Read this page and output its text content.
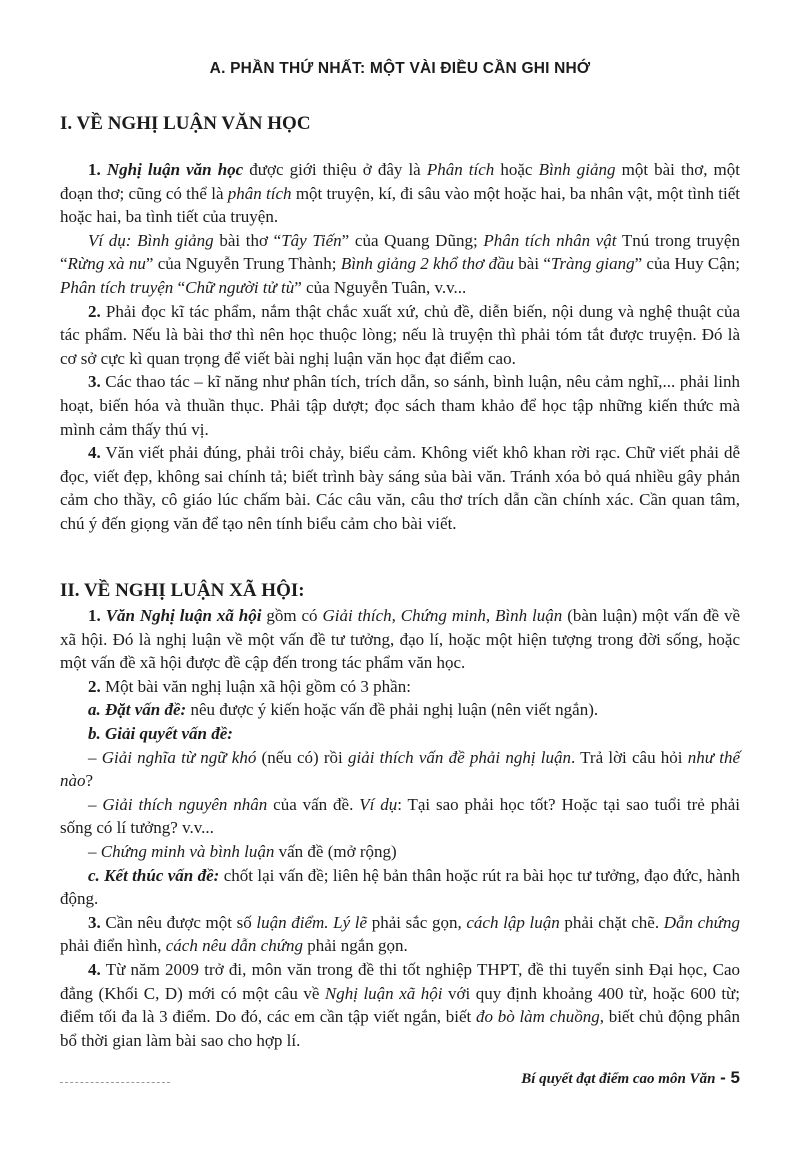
A. PHẦN THỨ NHẤT: MỘT VÀI ĐIỀU CẦN GHI NHỚ
I. VỀ NGHỊ LUẬN VĂN HỌC

1. Nghị luận văn học được giới thiệu ở đây là Phân tích hoặc Bình giảng một bài thơ, một đoạn thơ; cũng có thể là phân tích một truyện, kí, đi sâu vào một hoặc hai, ba nhân vật, một tình tiết hoặc hai, ba tình tiết của truyện.

Ví dụ: Bình giảng bài thơ “Tây Tiến” của Quang Dũng; Phân tích nhân vật Tnú trong truyện “Rừng xà nu” của Nguyễn Trung Thành; Bình giảng 2 khổ thơ đầu bài “Tràng giang” của Huy Cận; Phân tích truyện “Chữ người tử tù” của Nguyễn Tuân, v.v...

2. Phải đọc kĩ tác phẩm, nắm thật chắc xuất xứ, chủ đề, diễn biến, nội dung và nghệ thuật của tác phẩm. Nếu là bài thơ thì nên học thuộc lòng; nếu là truyện thì phải tóm tắt được truyện. Đó là cơ sở cực kì quan trọng để viết bài nghị luận văn học đạt điểm cao.

3. Các thao tác – kĩ năng như phân tích, trích dẫn, so sánh, bình luận, nêu cảm nghĩ,... phải linh hoạt, biến hóa và thuần thục. Phải tập dượt; đọc sách tham khảo để học tập những kiến thức mà mình cảm thấy thú vị.

4. Văn viết phải đúng, phải trôi chảy, biểu cảm. Không viết khô khan rời rạc. Chữ viết phải dễ đọc, viết đẹp, không sai chính tả; biết trình bày sáng sủa bài văn. Tránh xóa bỏ quá nhiều gây phản cảm cho thầy, cô giáo lúc chấm bài. Các câu văn, câu thơ trích dẫn cần chính xác. Cần quan tâm, chú ý đến giọng văn để tạo nên tính biểu cảm cho bài viết.

II. VỀ NGHỊ LUẬN XÃ HỘI:

1. Văn Nghị luận xã hội gồm có Giải thích, Chứng minh, Bình luận (bàn luận) một vấn đề về xã hội. Đó là nghị luận về một vấn đề tư tưởng, đạo lí, hoặc một hiện tượng trong đời sống, hoặc một vấn đề xã hội được đề cập đến trong tác phẩm văn học.

2. Một bài văn nghị luận xã hội gồm có 3 phần:

a. Đặt vấn đề: nêu được ý kiến hoặc vấn đề phải nghị luận (nên viết ngắn).

b. Giải quyết vấn đề:

– Giải nghĩa từ ngữ khó (nếu có) rồi giải thích vấn đề phải nghị luận. Trả lời câu hỏi như thế nào?

– Giải thích nguyên nhân của vấn đề. Ví dụ: Tại sao phải học tốt? Hoặc tại sao tuổi trẻ phải sống có lí tưởng? v.v...

– Chứng minh và bình luận vấn đề (mở rộng)

c. Kết thúc vấn đề: chốt lại vấn đề; liên hệ bản thân hoặc rút ra bài học tư tưởng, đạo đức, hành động.

3. Cần nêu được một số luận điểm. Lý lẽ phải sắc gọn, cách lập luận phải chặt chẽ. Dẫn chứng phải điển hình, cách nêu dẫn chứng phải ngắn gọn.

4. Từ năm 2009 trở đi, môn văn trong đề thi tốt nghiệp THPT, đề thi tuyển sinh Đại học, Cao đẳng (Khối C, D) mới có một câu về Nghị luận xã hội với quy định khoảng 400 từ, hoặc 600 từ; điểm tối đa là 3 điểm. Do đó, các em cần tập viết ngắn, biết đo bò làm chuồng, biết chủ động phân bổ thời gian làm bài sao cho hợp lí.

Bí quyết đạt điểm cao môn Văn - 5
